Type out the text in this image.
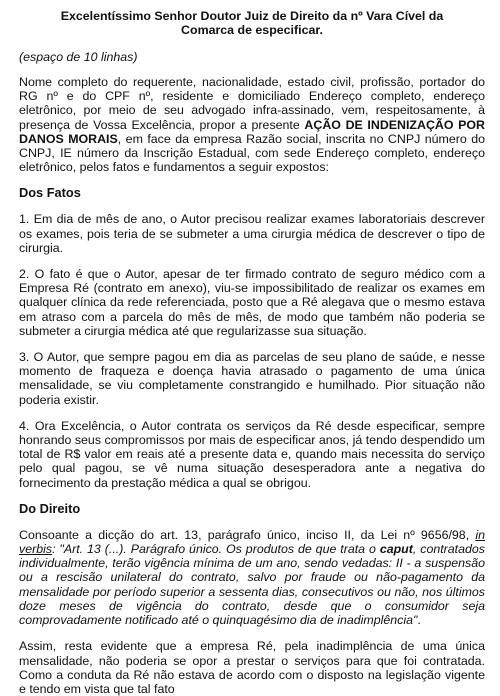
Excelentíssimo Senhor Doutor Juiz de Direito da nº Vara Cível da Comarca de especificar.
(espaço de 10 linhas)

Nome completo do requerente, nacionalidade, estado civil, profissão, portador do RG nº e do CPF nº, residente e domiciliado Endereço completo, endereço eletrônico, por meio de seu advogado infra-assinado, vem, respeitosamente, à presença de Vossa Excelência, propor a presente AÇÃO DE INDENIZAÇÃO POR DANOS MORAIS, em face da empresa Razão social, inscrita no CNPJ número do CNPJ, IE número da Inscrição Estadual, com sede Endereço completo, endereço eletrônico, pelos fatos e fundamentos a seguir expostos:

Dos Fatos

1. Em dia de mês de ano, o Autor precisou realizar exames laboratoriais descrever os exames, pois teria de se submeter a uma cirurgia médica de descrever o tipo de cirurgia.

2. O fato é que o Autor, apesar de ter firmado contrato de seguro médico com a Empresa Ré (contrato em anexo), viu-se impossibilitado de realizar os exames em qualquer clínica da rede referenciada, posto que a Ré alegava que o mesmo estava em atraso com a parcela do mês de mês, de modo que também não poderia se submeter a cirurgia médica até que regularizasse sua situação.

3. O Autor, que sempre pagou em dia as parcelas de seu plano de saúde, e nesse momento de fraqueza e doença havia atrasado o pagamento de uma única mensalidade, se viu completamente constrangido e humilhado. Pior situação não poderia existir.

4. Ora Excelência, o Autor contrata os serviços da Ré desde especificar, sempre honrando seus compromissos por mais de especificar anos, já tendo despendido um total de R$ valor em reais até a presente data e, quando mais necessita do serviço pelo qual pagou, se vê numa situação desesperadora ante a negativa do fornecimento da prestação médica a qual se obrigou.

Do Direito

Consoante a dicção do art. 13, parágrafo único, inciso II, da Lei nº 9656/98, in verbis: "Art. 13 (...). Parágrafo único. Os produtos de que trata o caput, contratados individualmente, terão vigência mínima de um ano, sendo vedadas: II - a suspensão ou a rescisão unilateral do contrato, salvo por fraude ou não-pagamento da mensalidade por período superior a sessenta dias, consecutivos ou não, nos últimos doze meses de vigência do contrato, desde que o consumidor seja comprovadamente notificado até o quinquagésimo dia de inadimplência".

Assim, resta evidente que a empresa Ré, pela inadimplência de uma única mensalidade, não poderia se opor a prestar o serviços para que foi contratada. Como a conduta da Ré não estava de acordo com o disposto na legislação vigente e tendo em vista que tal fato
